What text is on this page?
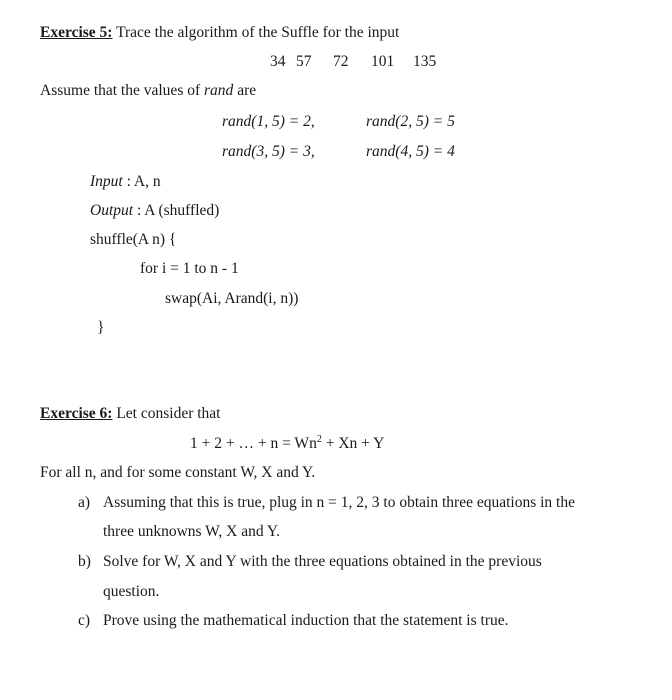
Exercise 5: Trace the algorithm of the Suffle for the input
34 57 72 101 135
Assume that the values of rand are
rand(1, 5) = 2,	rand(2, 5) = 5
rand(3, 5) = 3,	rand(4, 5) = 4
Input : A, n
Output : A (shuffled)
shuffle(A n) {
for i = 1 to n - 1
swap(Ai, Arand(i, n))
}
Exercise 6: Let consider that
1 + 2 + … + $n = Wn^2 + Xn + Y$
For all n, and for some constant W, X and Y.
a) Assuming that this is true, plug in n = 1, 2, 3 to obtain three equations in the
three unknowns W, X and Y.
b) Solve for W, X and Y with the three equations obtained in the previous
question.
c) Prove using the mathematical induction that the statement is true.
